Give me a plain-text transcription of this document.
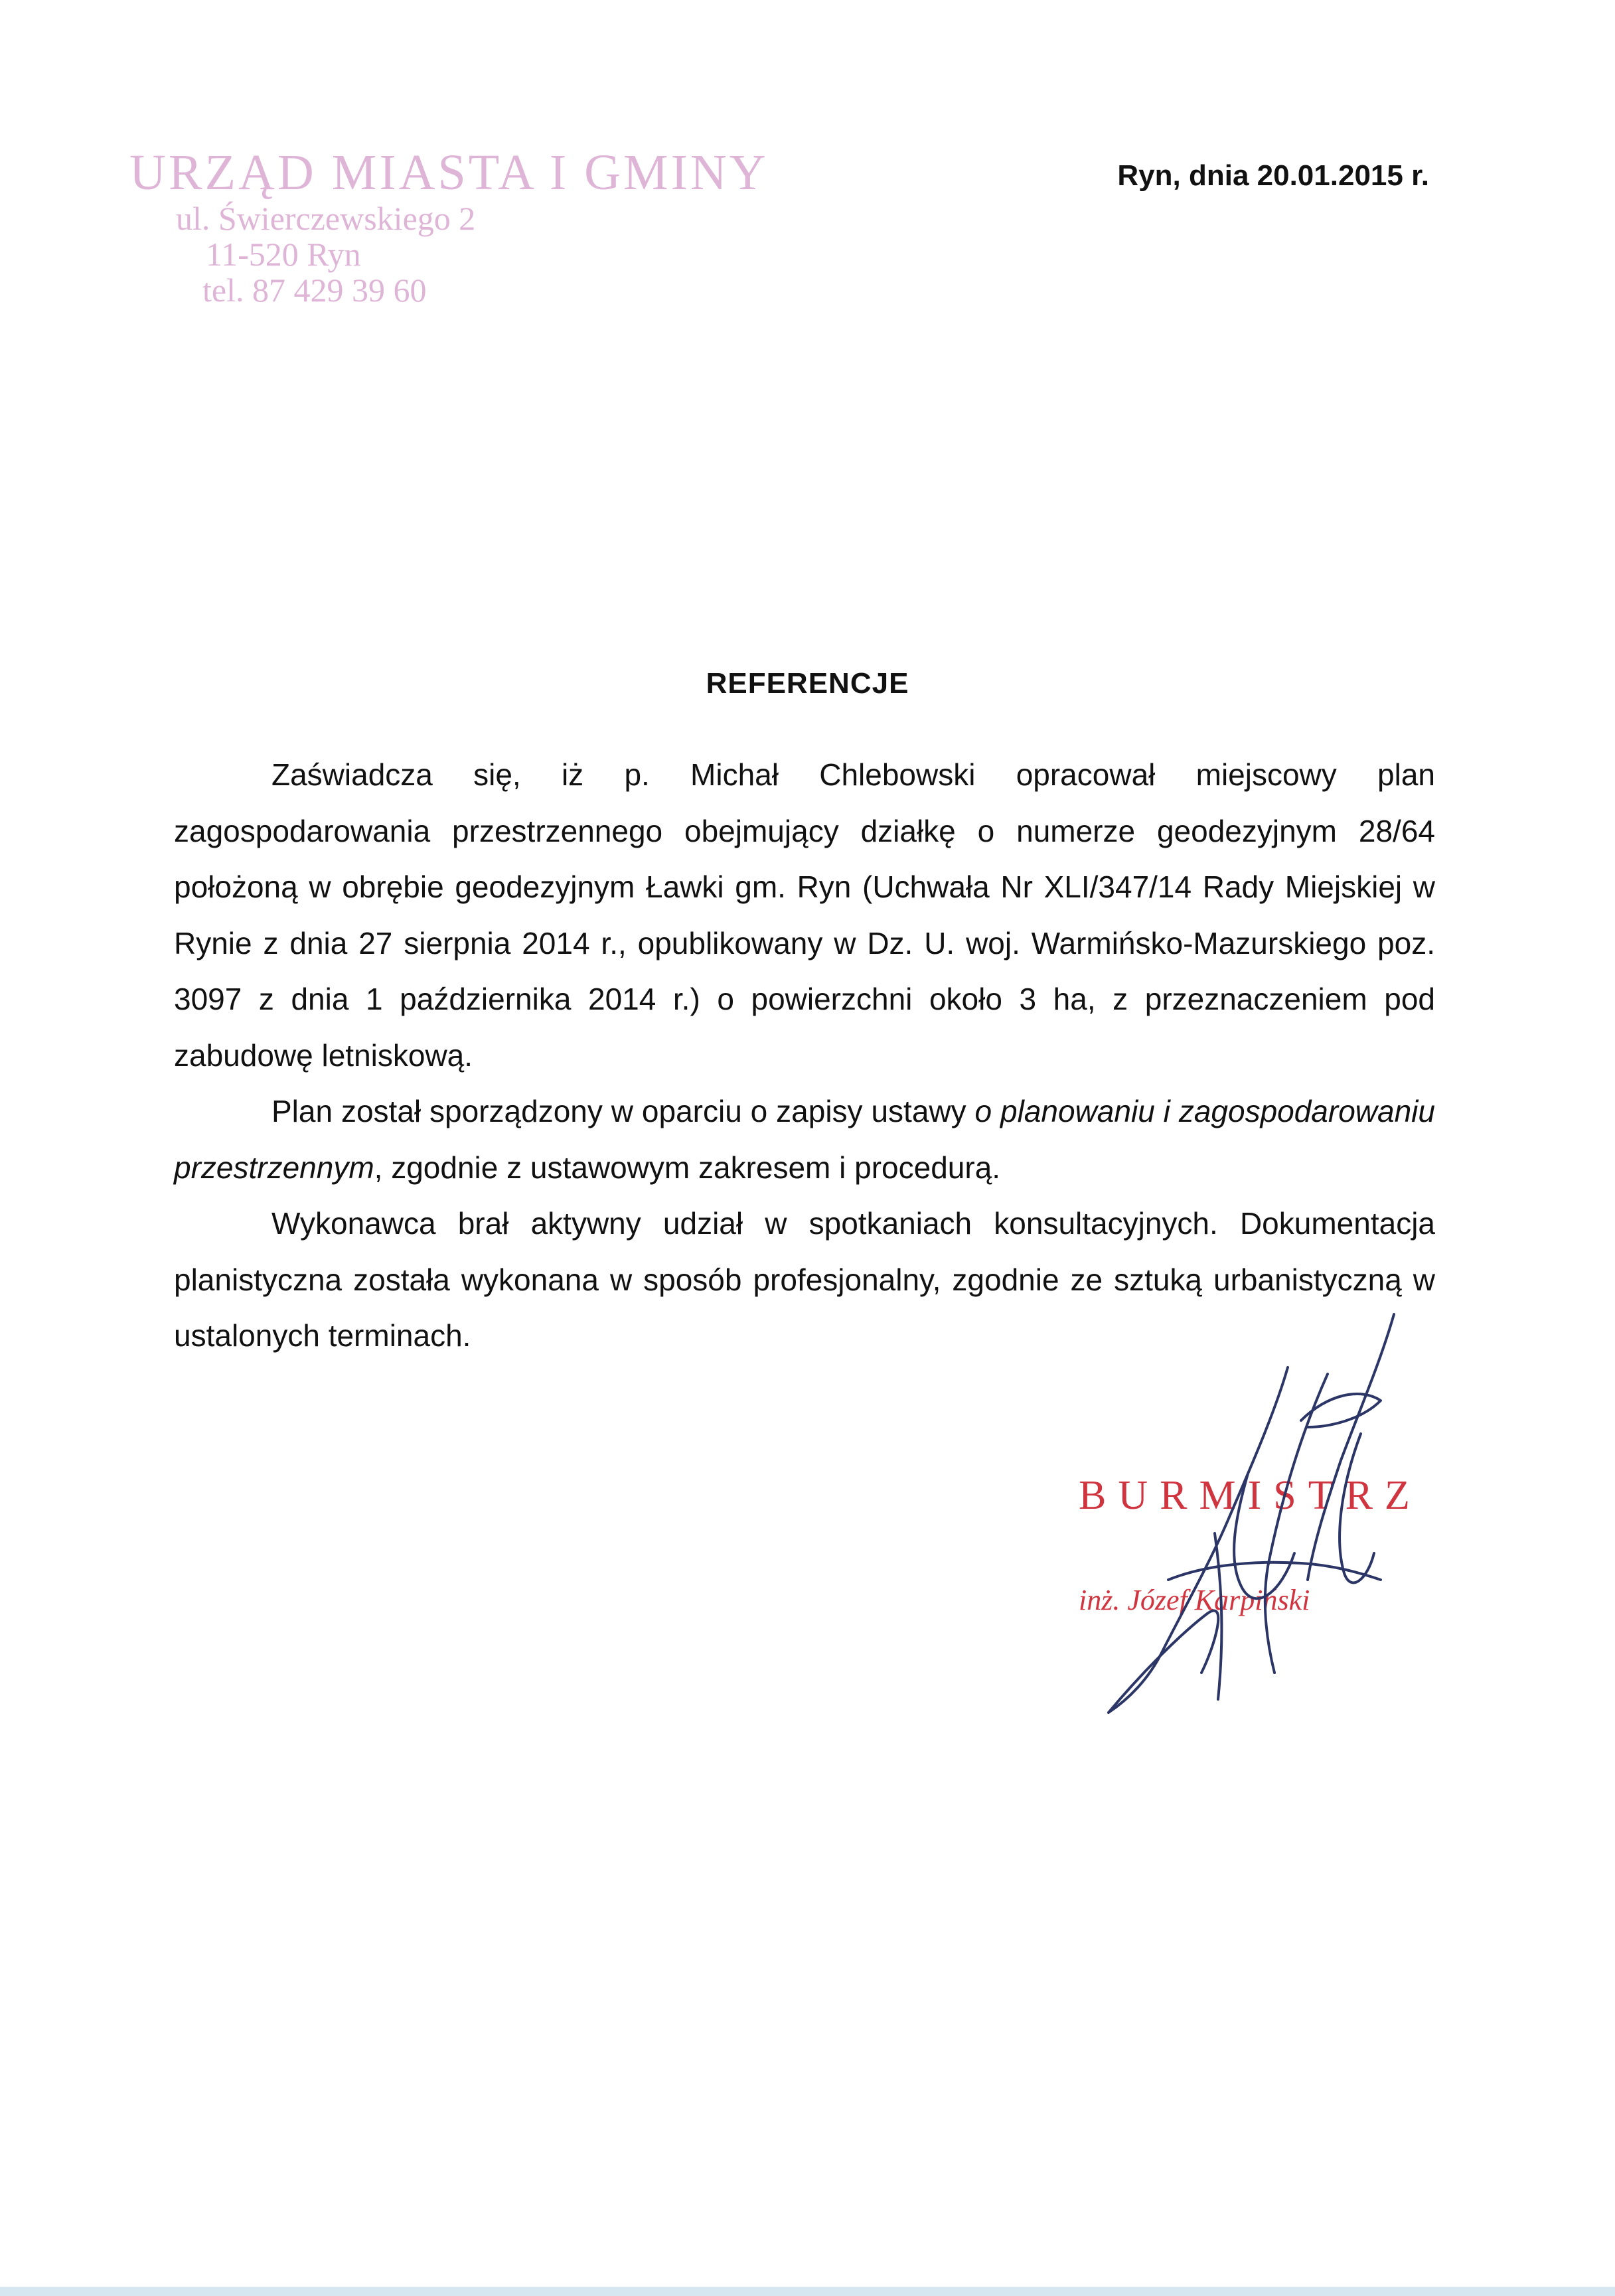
URZĄD MIASTA I GMINY
ul. Świerczewskiego 2
11-520 Ryn
tel. 87 429 39 60
Ryn, dnia 20.01.2015 r.
REFERENCJE

Zaświadcza się, iż p. Michał Chlebowski opracował miejscowy plan zagospodarowania przestrzennego obejmujący działkę o numerze geodezyjnym 28/64 położoną w obrębie geodezyjnym Ławki gm. Ryn (Uchwała Nr XLI/347/14 Rady Miejskiej w Rynie z dnia 27 sierpnia 2014 r., opublikowany w Dz. U. woj. Warmińsko-Mazurskiego poz. 3097 z dnia 1 października 2014 r.) o powierzchni około 3 ha, z przeznaczeniem pod zabudowę letniskową.

Plan został sporządzony w oparciu o zapisy ustawy o planowaniu i zagospodarowaniu przestrzennym, zgodnie z ustawowym zakresem i procedurą.

Wykonawca brał aktywny udział w spotkaniach konsultacyjnych. Dokumentacja planistyczna została wykonana w sposób profesjonalny, zgodnie ze sztuką urbanistyczną w ustalonych terminach.

BURMISTRZ
inż. Józef Karpiński
